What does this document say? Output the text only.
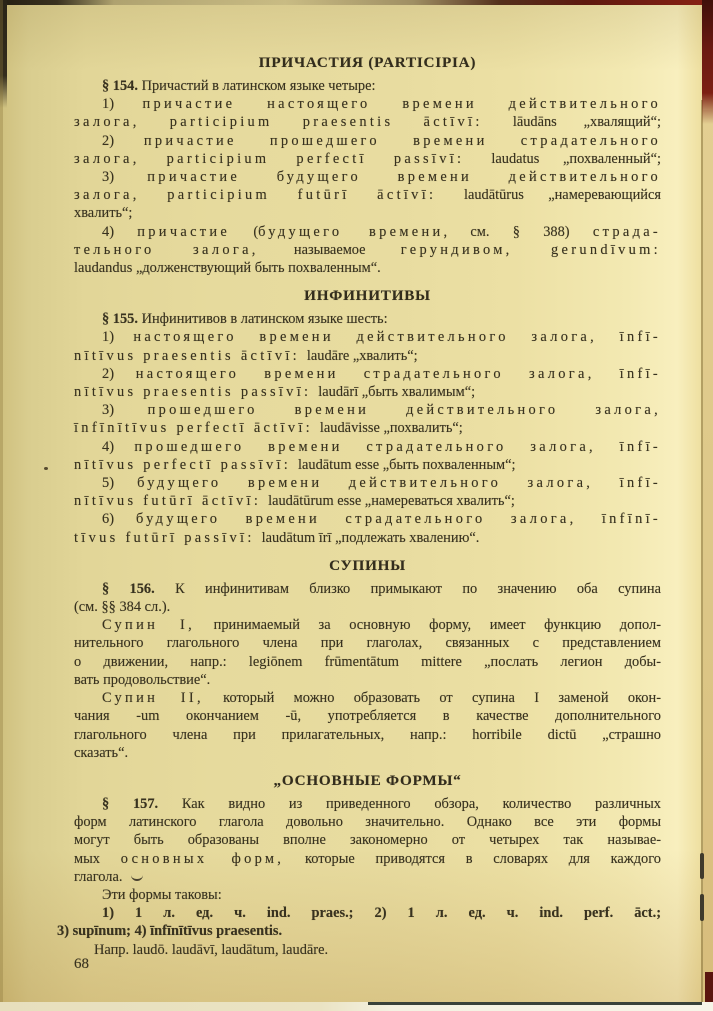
ПРИЧАСТИЯ (PARTICIPIA)
§ 154. Причастий в латинском языке четыре:
1) причастие настоящего времени действительного
залога, participium praesentis āctīvī: lāudāns „хвалящий“;
2) причастие прошедшего времени страдательного
залога, participium perfectī passīvī: laudatus „похваленный“;
3) причастие будущего времени действительного
залога, participium futūrī āctīvī: laudātūrus „намеревающийся
хвалить“;
4) причастие (будущего времени, см. § 388) страда-
тельного залога, называемое герундивом, gerundīvum:
laudandus „долженствующий быть похваленным“.
ИНФИНИТИВЫ
§ 155. Инфинитивов в латинском языке шесть:
1) настоящего времени действительного залога, īnfī-
nītīvus praesentis āctīvī: laudāre „хвалить“;
2) настоящего времени страдательного залога, īnfī-
nītīvus praesentis passīvī: laudārī „быть хвалимым“;
3) прошедшего времени действительного залога,
īnfīnītīvus perfectī āctīvī: laudāvisse „похвалить“;
4) прошедшего времени страдательного залога, īnfī-
nītīvus perfectī passīvī: laudātum esse „быть похваленным“;
5) будущего времени действительного залога, īnfī-
nītīvus futūrī āctīvī: laudātūrum esse „намереваться хвалить“;
6) будущего времени страдательного залога, īnfīnī-
tīvus futūrī passīvī: laudātum īrī „подлежать хвалению“.
СУПИНЫ
§ 156. К инфинитивам близко примыкают по значению оба супина
(см. §§ 384 сл.).
Супин I, принимаемый за основную форму, имеет функцию допол-
нительного глагольного члена при глаголах, связанных с представлением
о движении, напр.: legiōnem frūmentātum mittere „послать легион добы-
вать продовольствие“.
Супин II, который можно образовать от супина I заменой окон-
чания -um окончанием -ū, употребляется в качестве дополнительного
глагольного члена при прилагательных, напр.: horribile dictū „страшно
сказать“.
„ОСНОВНЫЕ ФОРМЫ“
§ 157. Как видно из приведенного обзора, количество различных
форм латинского глагола довольно значительно. Однако все эти формы
могут быть образованы вполне закономерно от четырех так называе-
мых основных форм, которые приводятся в словарях для каждого
глагола.
Эти формы таковы:
1) 1 л. ед. ч. ind. praes.; 2) 1 л. ед. ч. ind. perf. āct.;
3) supīnum; 4) īnfīnītīvus praesentis.
Напр. laudō. laudāvī, laudātum, laudāre.
68
